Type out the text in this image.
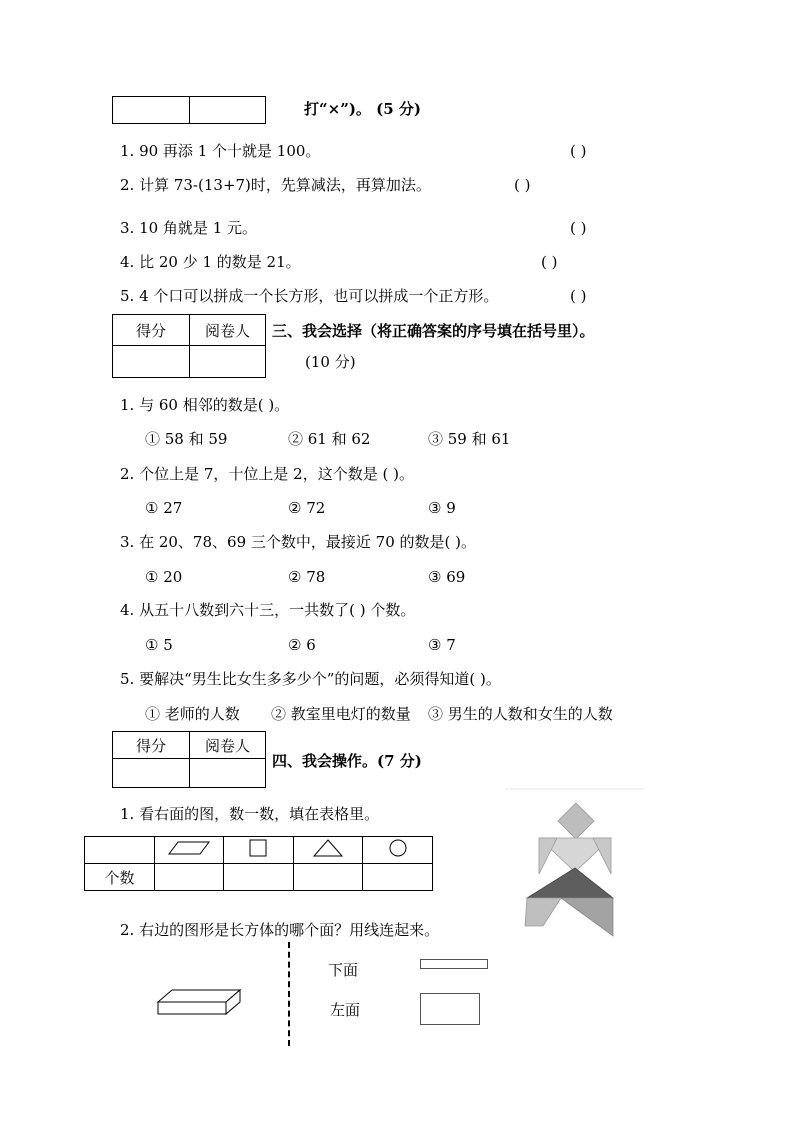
打“×”)。 (5 分)
1. 90 再添 1 个十就是 100。	( )
2. 计算 73-(13+7)时，先算减法，再算加法。	( )
3. 10 角就是 1 元。	( )
4. 比 20 少 1 的数是 21。	( )
5. 4 个口可以拼成一个长方形，也可以拼成一个正方形。	( )
得分	阅卷人
	三、我会选择（将正确答案的序号填在括号里）。
(10 分)
1. 与 60 相邻的数是( )。
① 58 和 59	② 61 和 62	③ 59 和 61
2. 个位上是 7，十位上是 2，这个数是 ( )。
① 27	② 72	③ 9
3. 在 20、78、69 三个数中，最接近 70 的数是( )。
① 20	② 78	③ 69
4. 从五十八数到六十三，一共数了( ) 个数。
① 5	② 6	③ 7
5. 要解决“男生比女生多多少个”的问题，必须得知道( )。
① 老师的人数 ② 教室里电灯的数量 ③ 男生的人数和女生的人数
得分	阅卷人

四、我会操作。(7 分)
1. 看右面的图，数一数，填在表格里。

个数				
2. 右边的图形是长方体的哪个面？用线连起来。
下面
左面
